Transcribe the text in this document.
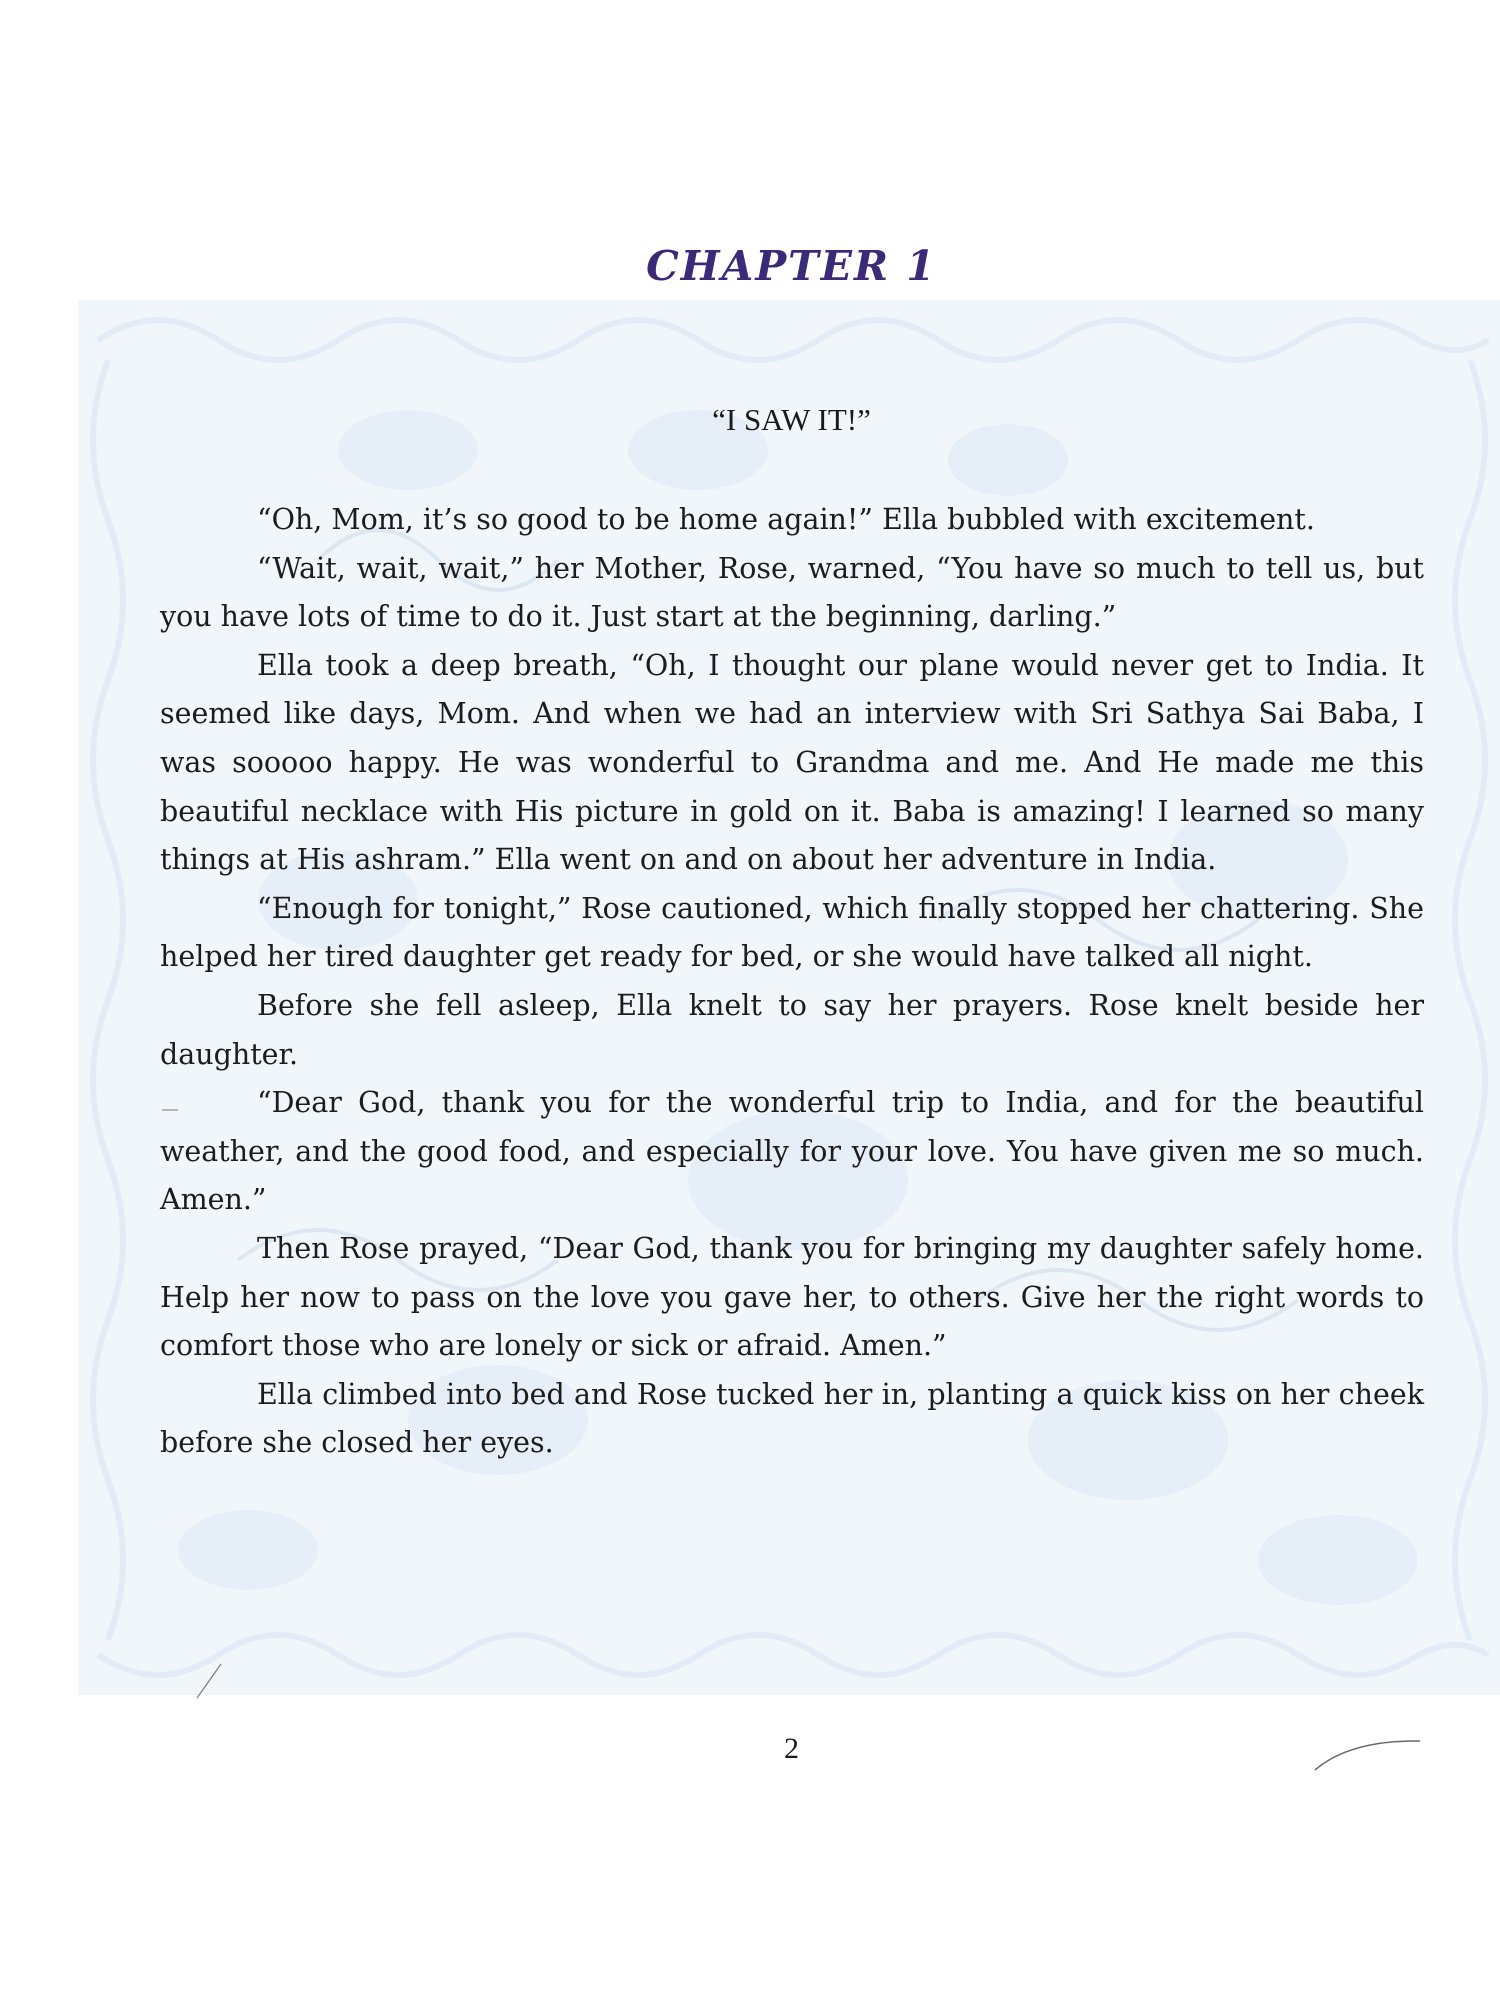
CHAPTER 1
“I SAW IT!”

“Oh, Mom, it’s so good to be home again!” Ella bubbled with excitement.

“Wait, wait, wait,” her Mother, Rose, warned, “You have so much to tell us, but you have lots of time to do it. Just start at the beginning, darling.”

Ella took a deep breath, “Oh, I thought our plane would never get to India. It seemed like days, Mom. And when we had an interview with Sri Sathya Sai Baba, I was sooooo happy. He was wonderful to Grandma and me. And He made me this beautiful necklace with His picture in gold on it. Baba is amazing! I learned so many things at His ashram.” Ella went on and on about her adventure in India.

“Enough for tonight,” Rose cautioned, which finally stopped her chattering. She helped her tired daughter get ready for bed, or she would have talked all night.

Before she fell asleep, Ella knelt to say her prayers. Rose knelt beside her daughter.

“Dear God, thank you for the wonderful trip to India, and for the beautiful weather, and the good food, and especially for your love. You have given me so much. Amen.”

Then Rose prayed, “Dear God, thank you for bringing my daughter safely home. Help her now to pass on the love you gave her, to others. Give her the right words to comfort those who are lonely or sick or afraid. Amen.”

Ella climbed into bed and Rose tucked her in, planting a quick kiss on her cheek before she closed her eyes.

2
